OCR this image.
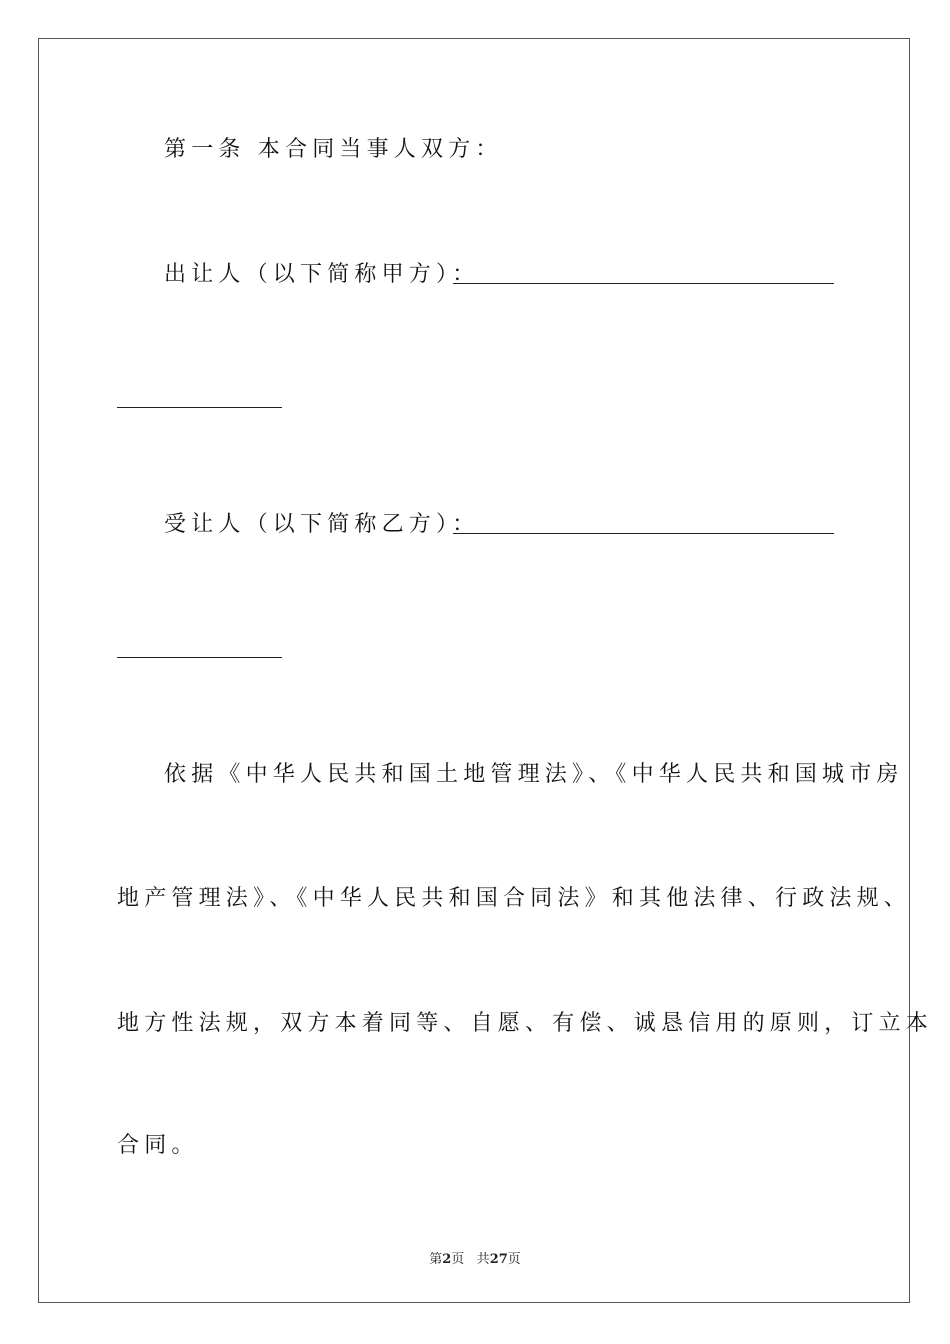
第一条 本合同当事人双方：
出让人（以下简称甲方）：
受让人（以下简称乙方）：
依据《中华人民共和国土地管理法》、《中华人民共和国城市房
地产管理法》、《中华人民共和国合同法》和其他法律、行政法规、
地方性法规，双方本着同等、自愿、有偿、诚恳信用的原则，订立本
合同。
第2页 共27页
